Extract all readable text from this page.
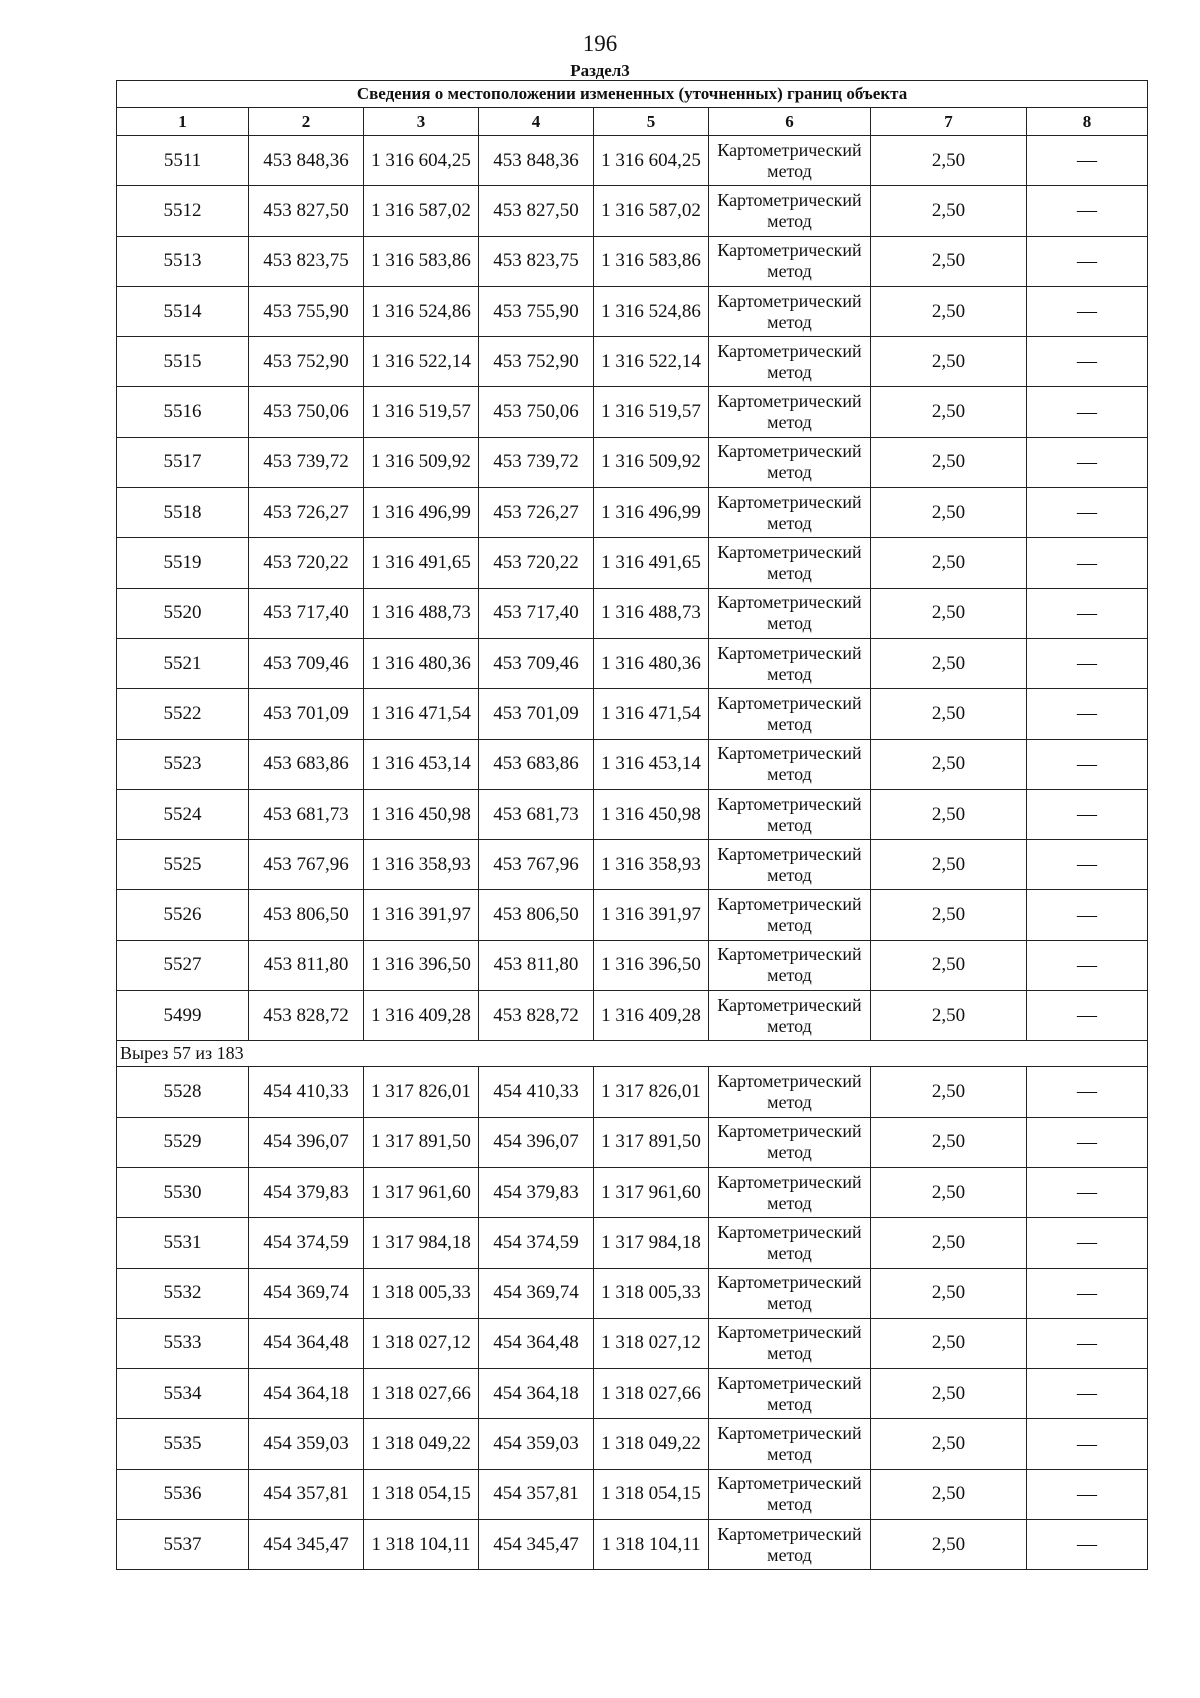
196
Раздел3
Сведения о местоположении измененных (уточненных) границ объекта							
1	2	3	4	5	6	7	8
5511	453 848,36	1 316 604,25	453 848,36	1 316 604,25	Картометрический метод	2,50	—
5512	453 827,50	1 316 587,02	453 827,50	1 316 587,02	Картометрический метод	2,50	—
5513	453 823,75	1 316 583,86	453 823,75	1 316 583,86	Картометрический метод	2,50	—
5514	453 755,90	1 316 524,86	453 755,90	1 316 524,86	Картометрический метод	2,50	—
5515	453 752,90	1 316 522,14	453 752,90	1 316 522,14	Картометрический метод	2,50	—
5516	453 750,06	1 316 519,57	453 750,06	1 316 519,57	Картометрический метод	2,50	—
5517	453 739,72	1 316 509,92	453 739,72	1 316 509,92	Картометрический метод	2,50	—
5518	453 726,27	1 316 496,99	453 726,27	1 316 496,99	Картометрический метод	2,50	—
5519	453 720,22	1 316 491,65	453 720,22	1 316 491,65	Картометрический метод	2,50	—
5520	453 717,40	1 316 488,73	453 717,40	1 316 488,73	Картометрический метод	2,50	—
5521	453 709,46	1 316 480,36	453 709,46	1 316 480,36	Картометрический метод	2,50	—
5522	453 701,09	1 316 471,54	453 701,09	1 316 471,54	Картометрический метод	2,50	—
5523	453 683,86	1 316 453,14	453 683,86	1 316 453,14	Картометрический метод	2,50	—
5524	453 681,73	1 316 450,98	453 681,73	1 316 450,98	Картометрический метод	2,50	—
5525	453 767,96	1 316 358,93	453 767,96	1 316 358,93	Картометрический метод	2,50	—
5526	453 806,50	1 316 391,97	453 806,50	1 316 391,97	Картометрический метод	2,50	—
5527	453 811,80	1 316 396,50	453 811,80	1 316 396,50	Картометрический метод	2,50	—
5499	453 828,72	1 316 409,28	453 828,72	1 316 409,28	Картометрический метод	2,50	—
Вырез 57 из 183							
5528	454 410,33	1 317 826,01	454 410,33	1 317 826,01	Картометрический метод	2,50	—
5529	454 396,07	1 317 891,50	454 396,07	1 317 891,50	Картометрический метод	2,50	—
5530	454 379,83	1 317 961,60	454 379,83	1 317 961,60	Картометрический метод	2,50	—
5531	454 374,59	1 317 984,18	454 374,59	1 317 984,18	Картометрический метод	2,50	—
5532	454 369,74	1 318 005,33	454 369,74	1 318 005,33	Картометрический метод	2,50	—
5533	454 364,48	1 318 027,12	454 364,48	1 318 027,12	Картометрический метод	2,50	—
5534	454 364,18	1 318 027,66	454 364,18	1 318 027,66	Картометрический метод	2,50	—
5535	454 359,03	1 318 049,22	454 359,03	1 318 049,22	Картометрический метод	2,50	—
5536	454 357,81	1 318 054,15	454 357,81	1 318 054,15	Картометрический метод	2,50	—
5537	454 345,47	1 318 104,11	454 345,47	1 318 104,11	Картометрический метод	2,50	—
